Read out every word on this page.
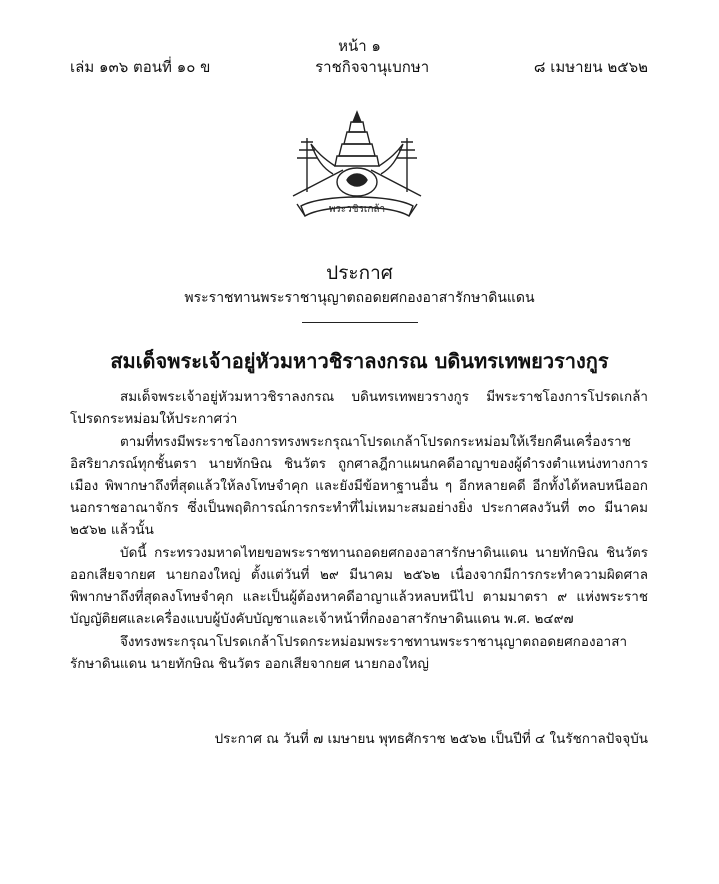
หน้า ๑
เล่ม ๑๓๖ ตอนที่ ๑๐ ข	ราชกิจจานุเบกษา	๘ เมษายน ๒๕๖๒
พระวชิรเกล้า
ประกาศ
พระราชทานพระราชานุญาตถอดยศกองอาสารักษาดินแดน
สมเด็จพระเจ้าอยู่หัวมหาวชิราลงกรณ บดินทรเทพยวรางกูร

สมเด็จพระเจ้าอยู่หัวมหาวชิราลงกรณ บดินทรเทพยวรางกูร มีพระราชโองการโปรดเกล้าโปรดกระหม่อมให้ประกาศว่า

ตามที่ทรงมีพระราชโองการทรงพระกรุณาโปรดเกล้าโปรดกระหม่อมให้เรียกคืนเครื่องราชอิสริยาภรณ์ทุกชั้นตรา นายทักษิณ ชินวัตร ถูกศาลฎีกาแผนกคดีอาญาของผู้ดำรงตำแหน่งทางการเมือง พิพากษาถึงที่สุดแล้วให้ลงโทษจำคุก และยังมีข้อหาฐานอื่น ๆ อีกหลายคดี อีกทั้งได้หลบหนีออกนอกราชอาณาจักร ซึ่งเป็นพฤติการณ์การกระทำที่ไม่เหมาะสมอย่างยิ่ง ประกาศลงวันที่ ๓๐ มีนาคม ๒๕๖๒ แล้วนั้น

บัดนี้ กระทรวงมหาดไทยขอพระราชทานถอดยศกองอาสารักษาดินแดน นายทักษิณ ชินวัตร ออกเสียจากยศ นายกองใหญ่ ตั้งแต่วันที่ ๒๙ มีนาคม ๒๕๖๒ เนื่องจากมีการกระทำความผิดศาลพิพากษาถึงที่สุดลงโทษจำคุก และเป็นผู้ต้องหาคดีอาญาแล้วหลบหนีไป ตามมาตรา ๙ แห่งพระราชบัญญัติยศและเครื่องแบบผู้บังคับบัญชาและเจ้าหน้าที่กองอาสารักษาดินแดน พ.ศ. ๒๔๙๗

จึงทรงพระกรุณาโปรดเกล้าโปรดกระหม่อมพระราชทานพระราชานุญาตถอดยศกองอาสารักษาดินแดน นายทักษิณ ชินวัตร ออกเสียจากยศ นายกองใหญ่

ประกาศ ณ วันที่ ๗ เมษายน พุทธศักราช ๒๕๖๒ เป็นปีที่ ๔ ในรัชกาลปัจจุบัน
